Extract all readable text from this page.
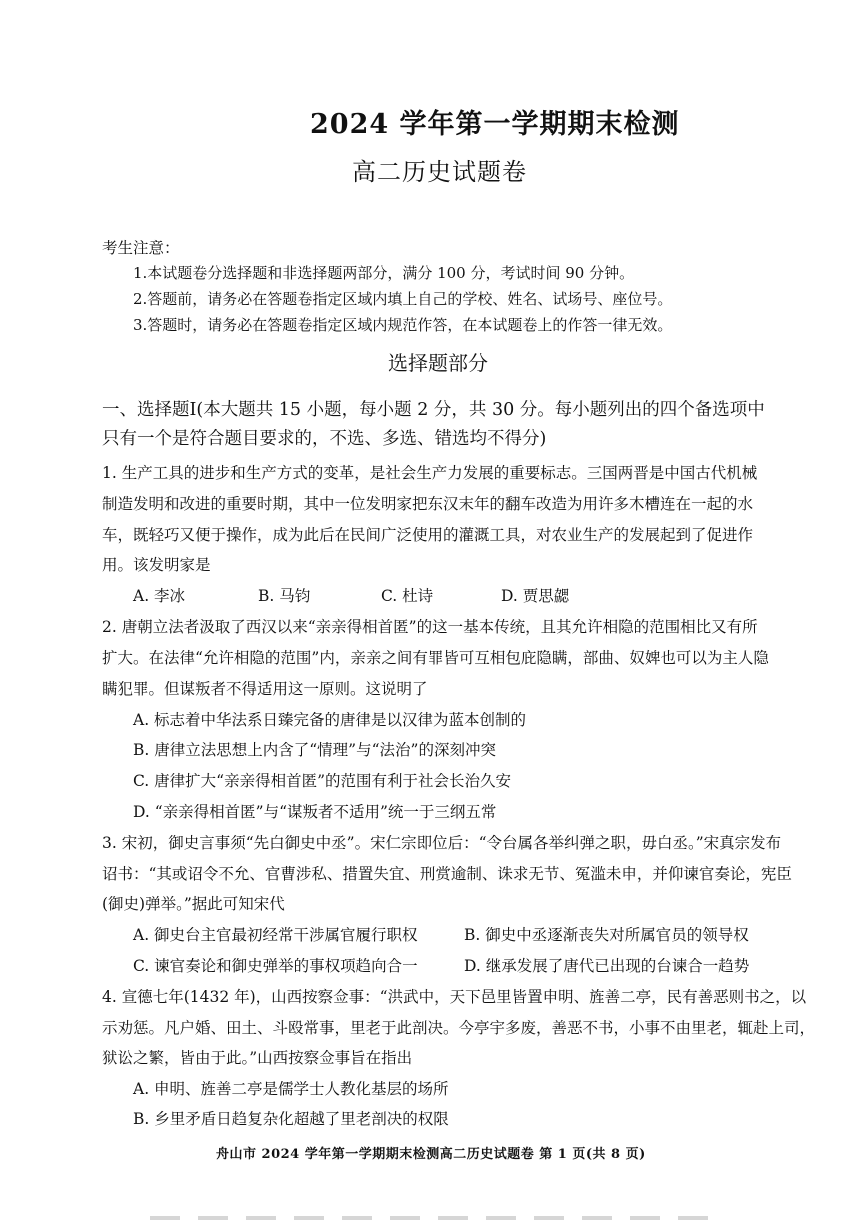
2024 学年第一学期期末检测
高二历史试题卷
考生注意：
1.本试题卷分选择题和非选择题两部分，满分 100 分，考试时间 90 分钟。
2.答题前，请务必在答题卷指定区域内填上自己的学校、姓名、试场号、座位号。
3.答题时，请务必在答题卷指定区域内规范作答，在本试题卷上的作答一律无效。
选择题部分
一、选择题Ⅰ(本大题共 15 小题，每小题 2 分，共 30 分。每小题列出的四个备选项中
只有一个是符合题目要求的，不选、多选、错选均不得分)
1. 生产工具的进步和生产方式的变革，是社会生产力发展的重要标志。三国两晋是中国古代机械
制造发明和改进的重要时期，其中一位发明家把东汉末年的翻车改造为用许多木槽连在一起的水
车，既轻巧又便于操作，成为此后在民间广泛使用的灌溉工具，对农业生产的发展起到了促进作
用。该发明家是
A. 李冰	B. 马钧	C. 杜诗	D. 贾思勰
2. 唐朝立法者汲取了西汉以来“亲亲得相首匿”的这一基本传统，且其允许相隐的范围相比又有所
扩大。在法律“允许相隐的范围”内，亲亲之间有罪皆可互相包庇隐瞒，部曲、奴婢也可以为主人隐
瞒犯罪。但谋叛者不得适用这一原则。这说明了
A. 标志着中华法系日臻完备的唐律是以汉律为蓝本创制的
B. 唐律立法思想上内含了“情理”与“法治”的深刻冲突
C. 唐律扩大“亲亲得相首匿”的范围有利于社会长治久安
D. “亲亲得相首匿”与“谋叛者不适用”统一于三纲五常
3. 宋初，御史言事须“先白御史中丞”。宋仁宗即位后：“令台属各举纠弹之职，毋白丞。”宋真宗发布
诏书：“其或诏令不允、官曹涉私、措置失宜、刑赏逾制、诛求无节、冤滥未申，并仰谏官奏论，宪臣
(御史)弹举。”据此可知宋代
A. 御史台主官最初经常干涉属官履行职权	B. 御史中丞逐渐丧失对所属官员的领导权
C. 谏官奏论和御史弹举的事权项趋向合一	D. 继承发展了唐代已出现的台谏合一趋势
4. 宣德七年(1432 年)，山西按察佥事：“洪武中，天下邑里皆置申明、旌善二亭，民有善恶则书之，以
示劝惩。凡户婚、田土、斗殴常事，里老于此剖决。今亭宇多废，善恶不书，小事不由里老，辄赴上司，
狱讼之繁，皆由于此。”山西按察佥事旨在指出
A. 申明、旌善二亭是儒学士人教化基层的场所
B. 乡里矛盾日趋复杂化超越了里老剖决的权限
舟山市 2024 学年第一学期期末检测高二历史试题卷 第 1 页(共 8 页)
